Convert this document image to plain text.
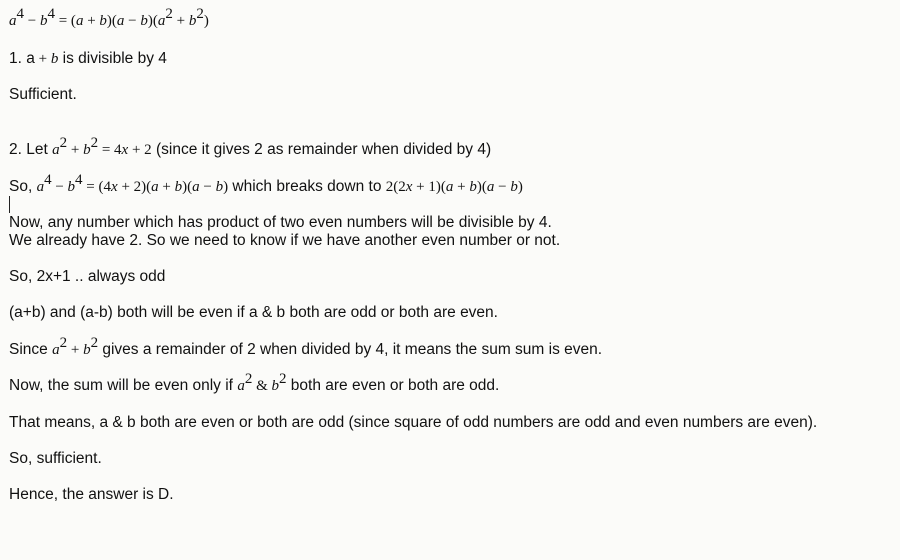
$a^4 - b^4 = (a + b)(a - b)(a^2 + b^2)$
1. a + b is divisible by 4
Sufficient.
2. Let $a^2 + b^2 = 4x + 2$ (since it gives 2 as remainder when divided by 4)
So, $a^4 - b^4 = (4x + 2)(a + b)(a - b)$ which breaks down to 2(2x + 1)(a + b)(a − b)
Now, any number which has product of two even numbers will be divisible by 4.
We already have 2. So we need to know if we have another even number or not.
So, 2x+1 .. always odd
(a+b) and (a-b) both will be even if a & b both are odd or both are even.
Since $a^2 + b^2$ gives a remainder of 2 when divided by 4, it means the sum sum is even.
Now, the sum will be even only if $a^2$ & $b^2$ both are even or both are odd.
That means, a & b both are even or both are odd (since square of odd numbers are odd and even numbers are even).
So, sufficient.
Hence, the answer is D.
